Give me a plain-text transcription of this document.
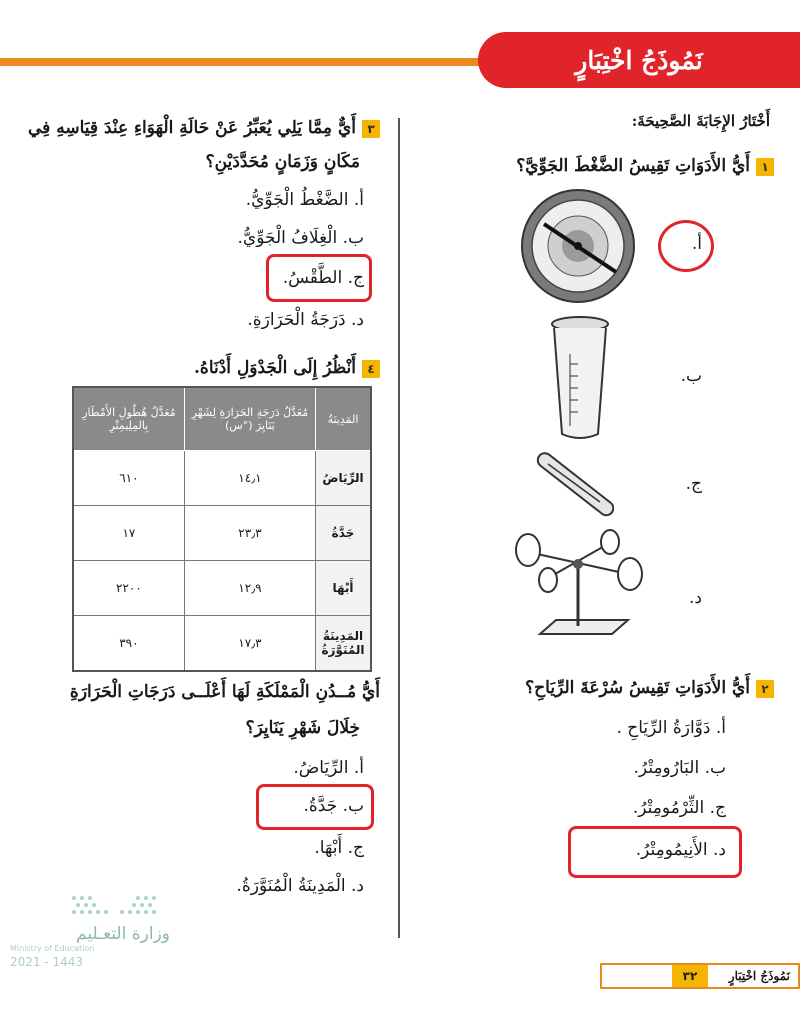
نَمُوذَجُ اخْتِبَارٍ
أَخْتَارُ الإِجَابَةَ الصَّحِيحَةَ:
١أَيُّ الأَدَوَاتِ تَقِيسُ الضَّغْطَ الجَوِّيَّ؟
أ.
ب.
ج.
د.
٢أَيُّ الأَدَوَاتِ تَقِيسُ سُرْعَةَ الرِّيَاحِ؟
أ. دَوَّارَةُ الرِّيَاحِ .
ب. البَارُومِتْرُ.
ج. الثِّرْمُومِتْرُ.
د. الأَنِيمُومِتْرُ.
٣أَيٌّ مِمَّا يَلِي يُعَبِّرُ عَنْ حَالَةِ الْهَوَاءِ عِنْدَ قِيَاسِهِ فِي
مَكَانٍ وَزَمَانٍ مُحَدَّدَيْنِ؟
أ. الضَّغْطُ الْجَوِّيُّ.
ب. الْغِلَافُ الْجَوِّيُّ.
ج. الطَّقْسُ.
د. دَرَجَةُ الْحَرَارَةِ.
٤أَنْظُرُ إِلَى الْجَدْوَلِ أَدْنَاهُ.
المَدِينَةُ	مُعَدَّلُ دَرَجَةِ الحَرَارَةِ لِشَهْرِ يَنَايِرَ (°س)	مُعَدَّلُ هُطُولِ الأَمْطَارِ بِالمِلِيمِتْرِ
الرِّيَاضُ	١٤٫١	٦١٠
جَدَّةُ	٢٣٫٣	١٧
أَبْهَا	١٢٫٩	٢٢٠٠
المَدِينَةُ المُنَوَّرَةُ	١٧٫٣	٣٩٠
أَيُّ مُــدُنِ الْمَمْلَكَةِ لَهَا أَعْلَــى دَرَجَاتِ الْحَرَارَةِ
خِلَالَ شَهْرِ يَنَايِرَ؟
أ. الرِّيَاضُ.
ب. جَدَّةُ.
ج. أَبْهَا.
د. الْمَدِينَةُ الْمُنَوَّرَةُ.
وزارة التعـليم
Ministry of Education
2021 - 1443
نَمُوذَجُ اخْتِبَارٍ
٣٢
